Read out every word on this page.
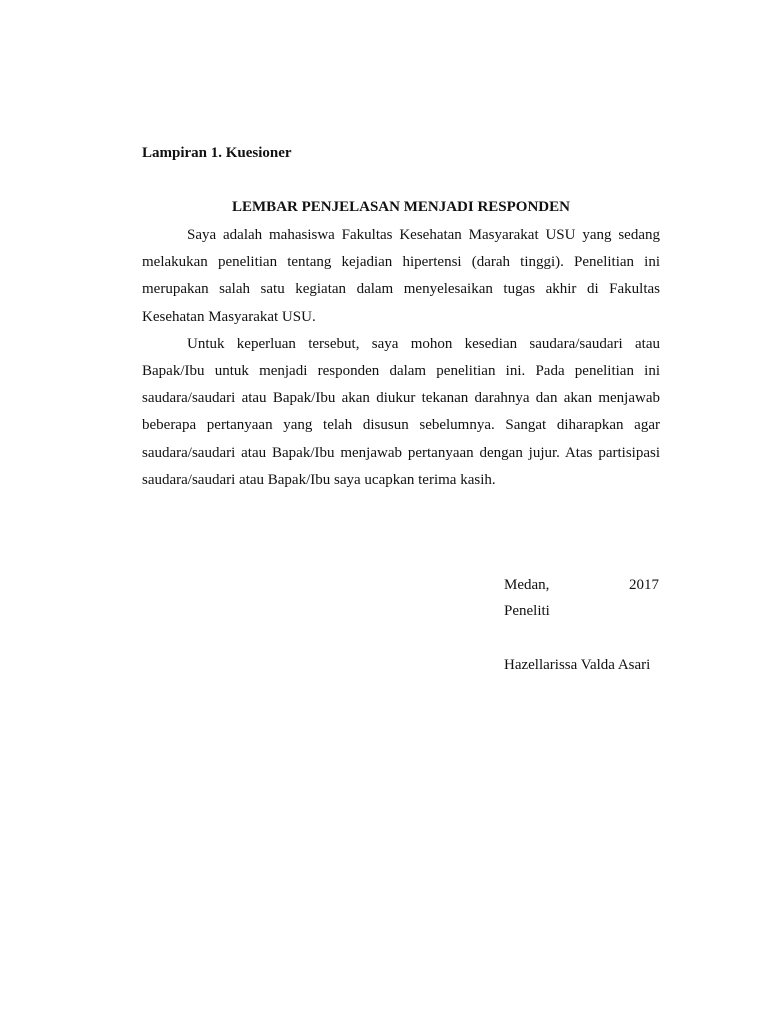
Lampiran 1. Kuesioner

LEMBAR PENJELASAN MENJADI RESPONDEN

Saya adalah mahasiswa Fakultas Kesehatan Masyarakat USU yang sedang melakukan penelitian tentang kejadian hipertensi (darah tinggi). Penelitian ini merupakan salah satu kegiatan dalam menyelesaikan tugas akhir di Fakultas Kesehatan Masyarakat USU.

Untuk keperluan tersebut, saya mohon kesedian saudara/saudari atau Bapak/Ibu untuk menjadi responden dalam penelitian ini. Pada penelitian ini saudara/saudari atau Bapak/Ibu akan diukur tekanan darahnya dan akan menjawab beberapa pertanyaan yang telah disusun sebelumnya. Sangat diharapkan agar saudara/saudari atau Bapak/Ibu menjawab pertanyaan dengan jujur. Atas partisipasi saudara/saudari atau Bapak/Ibu saya ucapkan terima kasih.

Medan,	2017
Peneliti
Hazellarissa Valda Asari
